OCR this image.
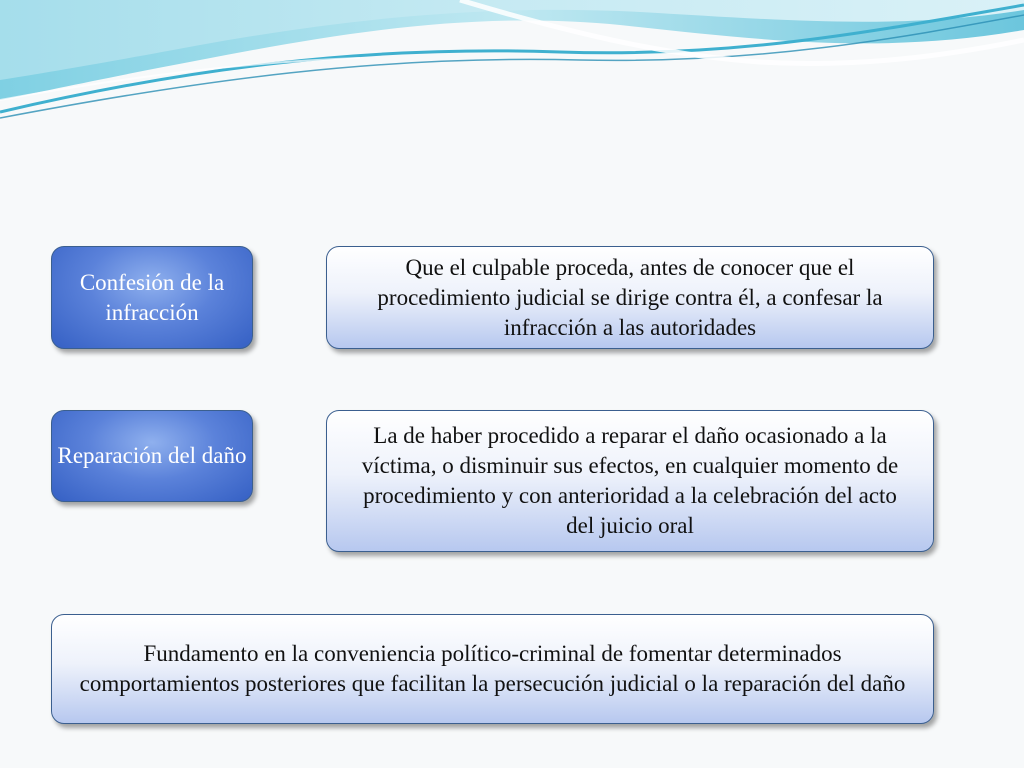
Confesión de la infracción
Que el culpable proceda, antes de conocer que el procedimiento judicial se dirige contra él, a confesar la infracción a las autoridades
Reparación del daño
La de haber procedido a reparar el daño ocasionado a la víctima, o disminuir sus efectos, en cualquier momento de procedimiento y con anterioridad a la celebración del acto del juicio oral
Fundamento en la conveniencia político-criminal de fomentar determinados comportamientos posteriores que facilitan la persecución judicial o la reparación del daño
